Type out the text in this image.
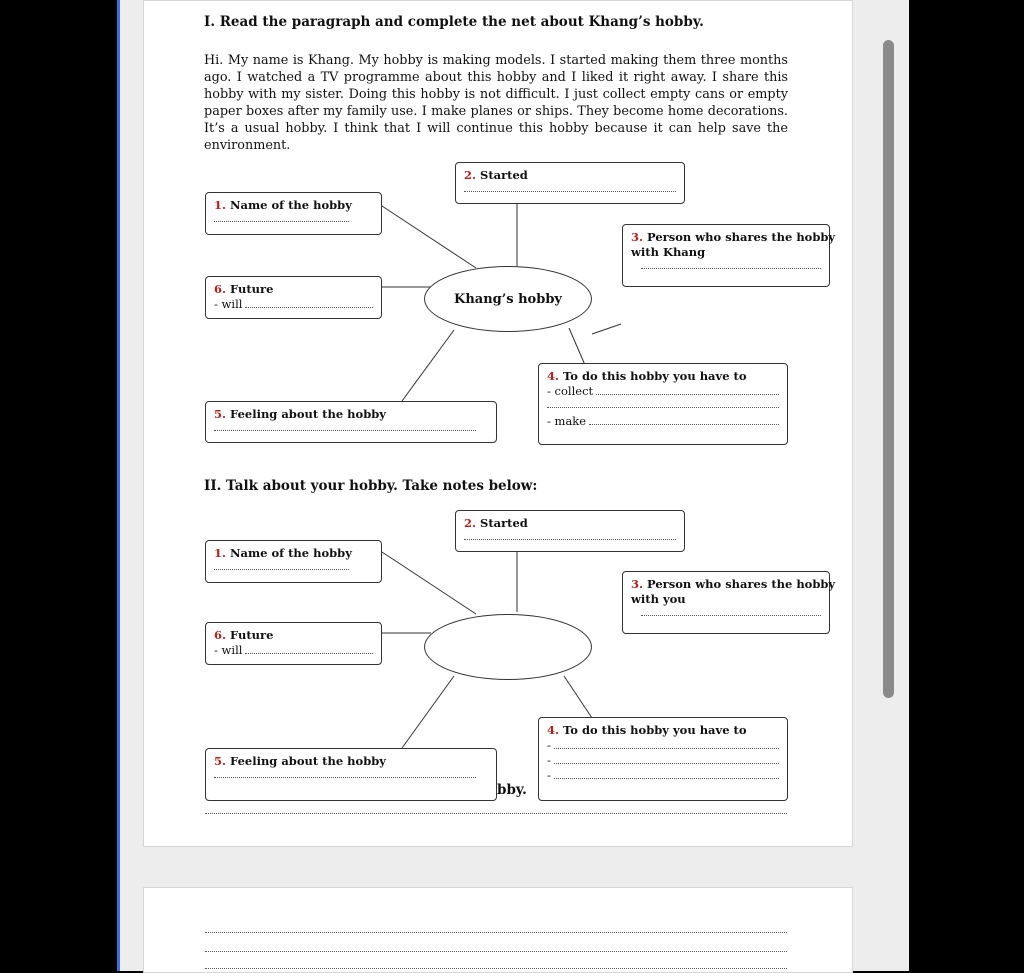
I. Read the paragraph and complete the net about Khang’s hobby.
Hi. My name is Khang. My hobby is making models. I started making them three months ago. I watched a TV programme about this hobby and I liked it right away. I share this hobby with my sister. Doing this hobby is not difficult. I just collect empty cans or empty paper boxes after my family use. I make planes or ships. They become home decorations. It’s a usual hobby. I think that I will continue this hobby because it can help save the environment.
2. Started
1. Name of the hobby
3. Person who shares the hobby
with Khang
6. Future
- will	Khang’s hobby
4. To do this hobby you have to
- collect
- make
5. Feeling about the hobby
II. Talk about your hobby. Take notes below:
2. Started
1. Name of the hobby
3. Person who shares the hobby
with you
6. Future
- will
4. To do this hobby you have to
-
-
-
5. Feeling about the hobby
bby.
